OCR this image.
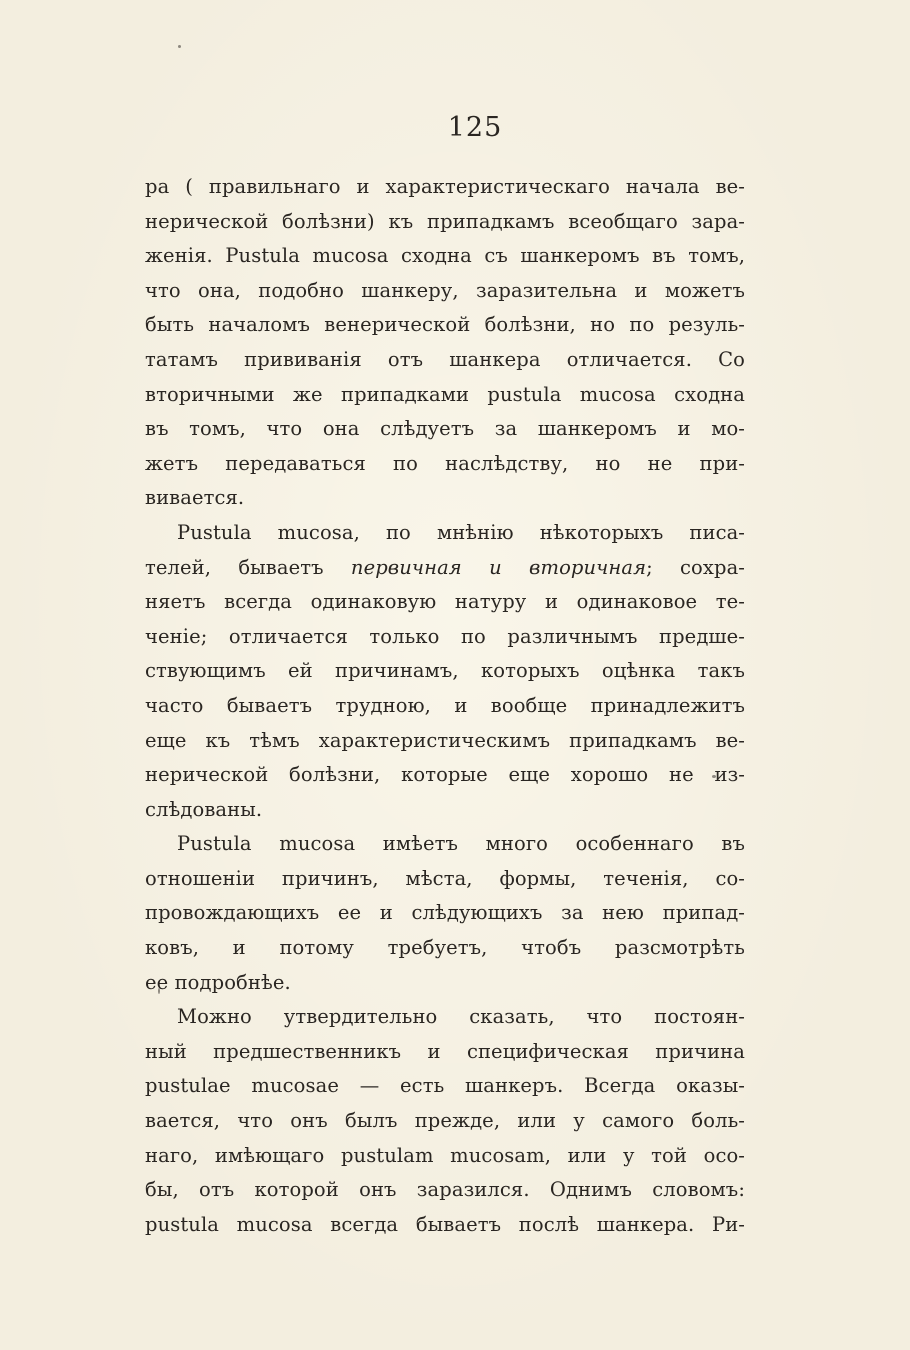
125
ра ( правильнаго и характеристическаго начала ве-
нерической болѣзни) къ припадкамъ всеобщаго зара-
женія. Pustula mucosa сходна съ шанкеромъ въ томъ,
что она, подобно шанкеру, заразительна и можетъ
быть началомъ венерической болѣзни, но по резуль-
татамъ прививанія отъ шанкера отличается. Со
вторичными же припадками pustula mucosa сходна
въ томъ, что она слѣдуетъ за шанкеромъ и мо-
жетъ передаваться по наслѣдству, но не при-
вивается.
Pustula mucosa, по мнѣнію нѣкоторыхъ писа-
телей, бываетъ первичная и вторичная; сохра-
няетъ всегда одинаковую натуру и одинаковое те-
ченіе; отличается только по различнымъ предше-
ствующимъ ей причинамъ, которыхъ оцѣнка такъ
часто бываетъ трудною, и вообще принадлежитъ
еще къ тѣмъ характеристическимъ припадкамъ ве-
нерической болѣзни, которые еще хорошо не из-
слѣдованы.
Pustula mucosa имѣетъ много особеннаго въ
отношеніи причинъ, мѣста, формы, теченія, со-
провождающихъ ее и слѣдующихъ за нею припад-
ковъ, и потому требуетъ, чтобъ разсмотрѣть
ее подробнѣе.
Можно утвердительно сказать, что постоян-
ный предшественникъ и специфическая причина
pustulae mucosae — есть шанкеръ. Всегда оказы-
вается, что онъ былъ прежде, или у самого боль-
наго, имѣющаго pustulam mucosam, или у той осо-
бы, отъ которой онъ заразился. Однимъ словомъ:
pustula mucosa всегда бываетъ послѣ шанкера. Ри-
